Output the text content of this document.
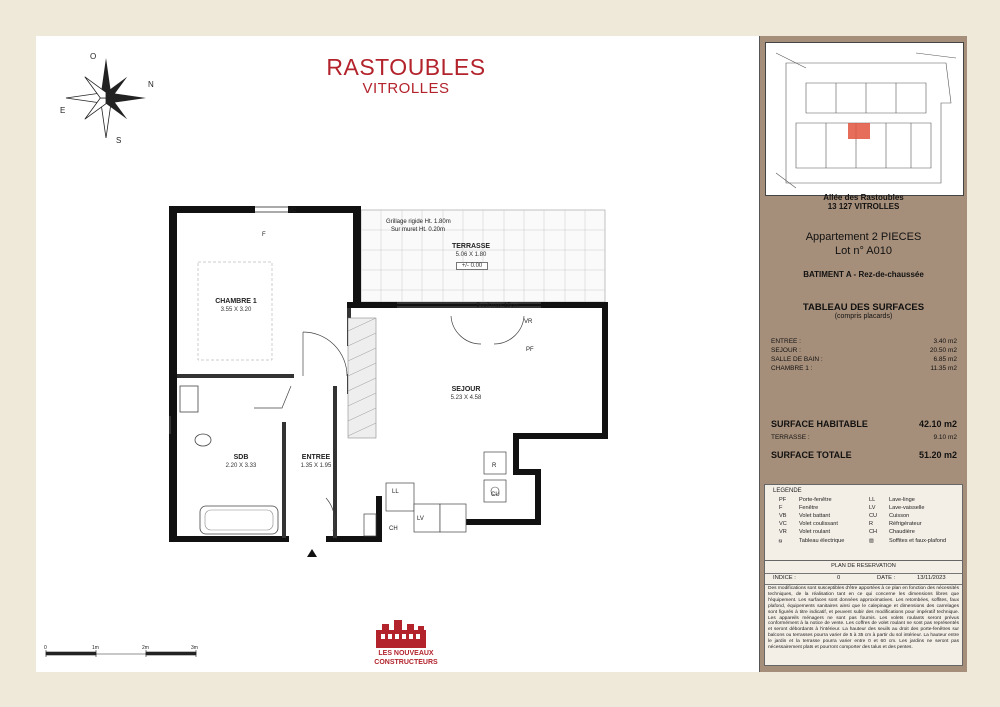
RASTOUBLES
VITROLLES
O
N
E
S
Grillage rigide Ht. 1.80m
Sur muret Ht. 0.20m
TERRASSE
5.06 X 1.80
+/- 0.00
Seuil max 15cm
VC
F
VR
PF
CHAMBRE 1
3.55 X 3.20
SEJOUR
5.23 X 4.58
SDB
2.20 X 3.33
ENTREE
1.35 X 1.95	R
CU
LL
LV
CH
0	1m	2m	3m
LES NOUVEAUX
CONSTRUCTEURS
Allée des Rastoubles
13 127 VITROLLES
Appartement 2 PIECES
Lot n° A010
BATIMENT A - Rez-de-chaussée
TABLEAU DES SURFACES
(compris placards)
ENTREE :	3.40 m2
SEJOUR :	20.50 m2
SALLE DE BAIN :	6.85 m2
CHAMBRE 1 :	11.35 m2
SURFACE HABITABLE	42.10 m2
TERRASSE :	9.10 m2
SURFACE TOTALE	51.20 m2
LEGENDE
PF Porte-fenêtre
F	Fenêtre
VB Volet battant
VC Volet coulissant
VR Volet roulant
⧅	Tableau électrique
LL Lave-linge
LV Lave-vaisselle
CU Cuisson
R	Réfrigérateur
CH Chaudière
▨	Soffites et faux-plafond
PLAN DE RESERVATION
INDICE :	0	DATE :	13/11/2023
Des modifications sont susceptibles d'être apportées à ce plan en fonction des nécessités techniques, de la réalisation tant en ce qui concerne les dimensions libres que l'équipement. Les surfaces sont données approximatives. Les retombées, soffites, faux plafond, équipements sanitaires ainsi que le calepinage et dimensions des carrelages sont figurés à titre indicatif, et peuvent subir des modifications pour impératif technique. Les appareils ménagers ne sont pas fournis. Les volets roulants seront prévus conformément à la notice de vente. Les coffres de volet roulant ne sont pas représentés et seront débordants à l'intérieur. La hauteur des seuils au droit des porte-fenêtres sur balcons ou terrasses pourra varier de 5 à 35 cm à partir du sol intérieur. La hauteur entre le jardin et la terrasse pourra varier entre 0 et 60 cm. Les jardins ne seront pas nécessairement plats et pourront comporter des talus et des pentes.
